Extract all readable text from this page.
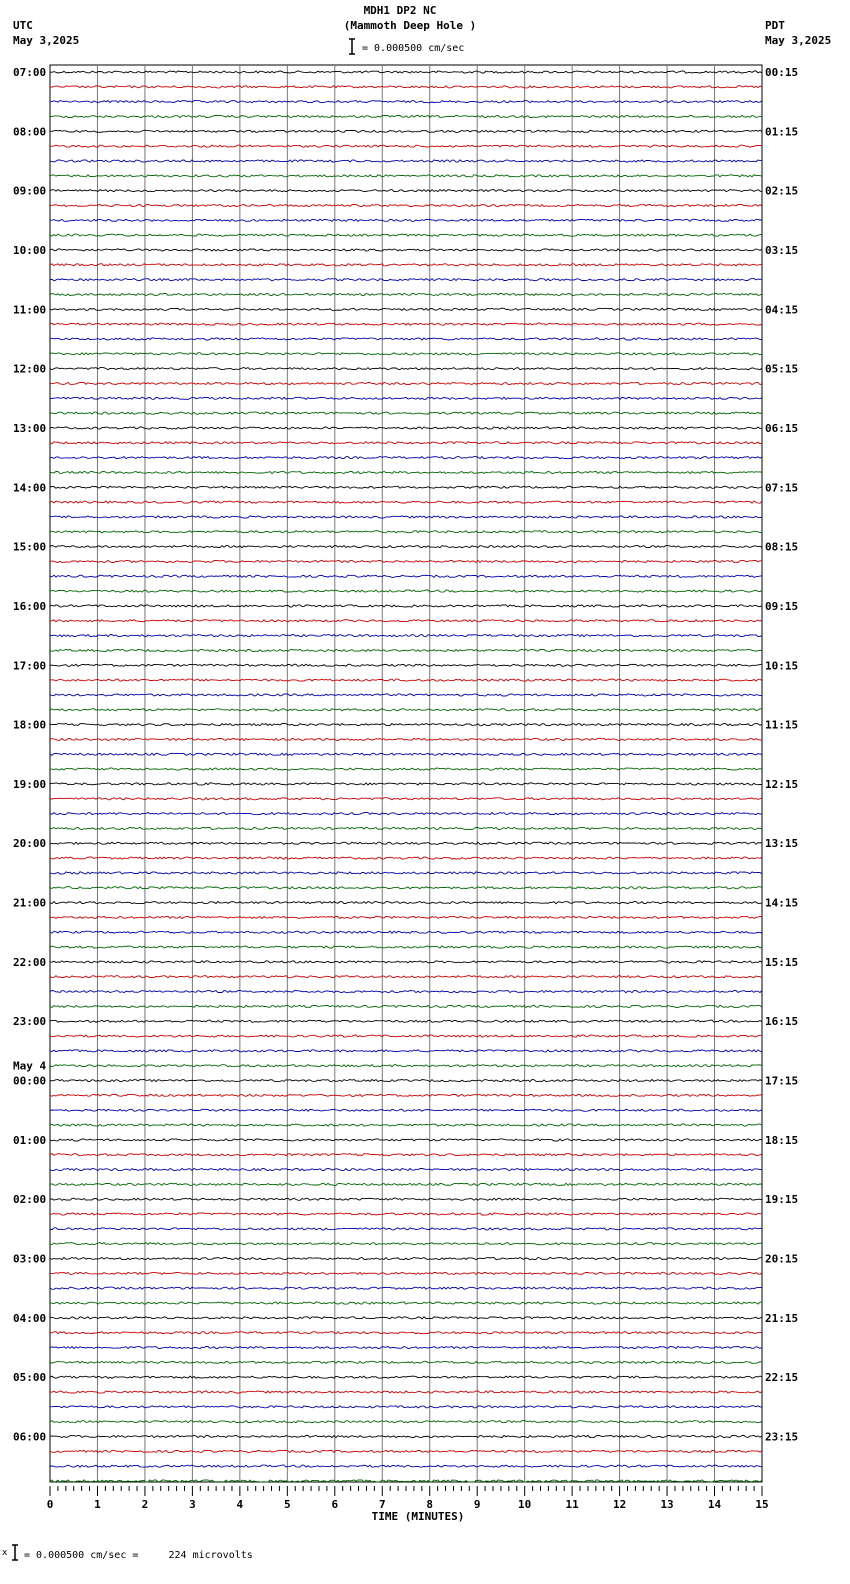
MDH1 DP2 NC
(Mammoth Deep Hole )
UTC
May 3,2025
PDT
May 3,2025
= 0.000500 cm/sec
07:00
08:00
09:00
10:00
11:00
12:00
13:00
14:00
15:00
16:00
17:00
18:00
19:00
20:00
21:00
22:00
23:00
May 4
00:00
01:00
02:00
03:00
04:00
05:00
06:00
00:15
01:15
02:15
03:15
04:15
05:15
06:15
07:15
08:15
09:15
10:15
11:15
12:15
13:15
14:15
15:15
16:15
17:15
18:15
19:15
20:15
21:15
22:15
23:15
0	1	2	3	4	5	6	7	8	9	10	11	12	13	14	15
TIME (MINUTES)
x = 0.000500 cm/sec =     224 microvolts
